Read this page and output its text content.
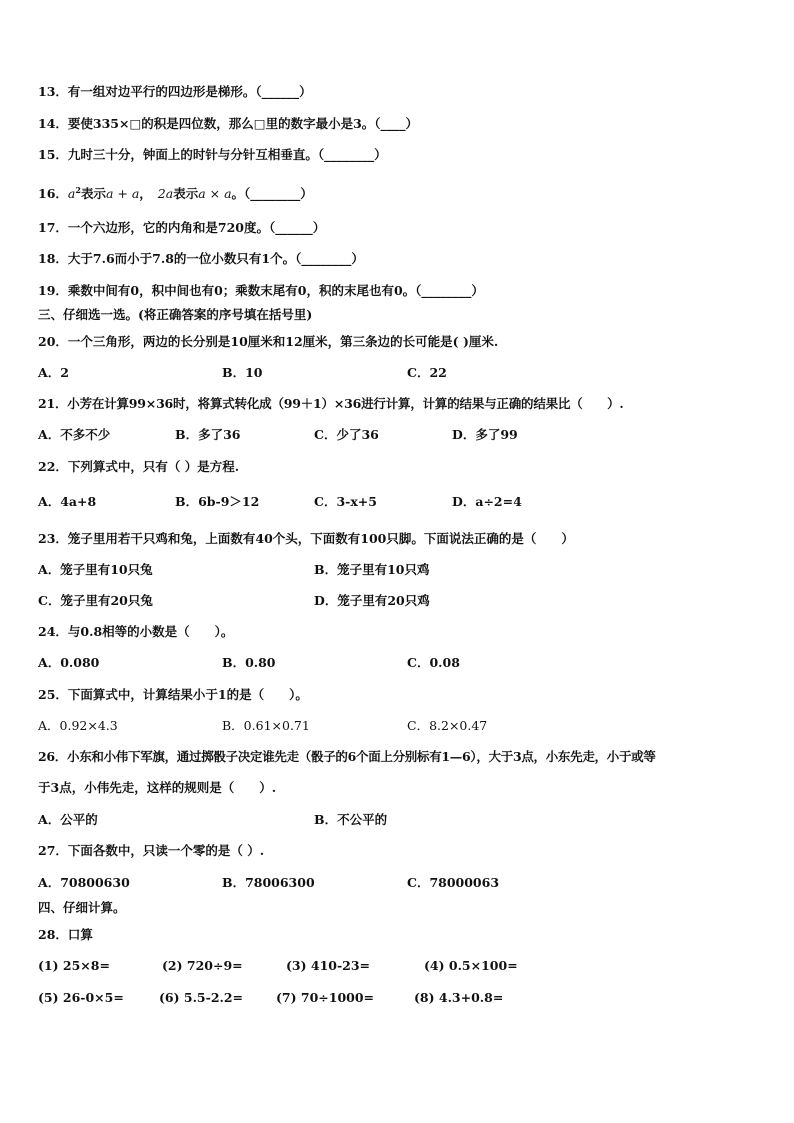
13．有一组对边平行的四边形是梯形。（______）
14．要使335×□的积是四位数，那么□里的数字最小是3。（____）
15．九时三十分，钟面上的时针与分针互相垂直。（________）
16．$a^2$表示a + a， 2a表示a × a。（________）
17．一个六边形，它的内角和是720度。（______）
18．大于7.6而小于7.8的一位小数只有1个。（________）
19．乘数中间有0，积中间也有0；乘数末尾有0，积的末尾也有0。（________）
三、仔细选一选。(将正确答案的序号填在括号里)
20．一个三角形，两边的长分别是10厘米和12厘米，第三条边的长可能是( )厘米.
A．2	B．10	C．22
21．小芳在计算99×36时，将算式转化成（99＋1）×36进行计算，计算的结果与正确的结果比（　　）.
A．不多不少	B．多了36	C．少了36	D．多了99
22．下列算式中，只有（ ）是方程.
A．4a+8	B．6b-9＞12	C．3-x+5	D．a÷2=4
23．笼子里用若干只鸡和兔，上面数有40个头，下面数有100只脚。下面说法正确的是（　　）
A．笼子里有10只兔	B．笼子里有10只鸡
C．笼子里有20只兔	D．笼子里有20只鸡
24．与0.8相等的小数是（　　）。
A．0.080	B．0.80	C．0.08
25．下面算式中，计算结果小于1的是（　　）。
A．0.92×4.3	B．0.61×0.71	C．8.2×0.47
26．小东和小伟下军旗，通过掷骰子决定谁先走（骰子的6个面上分别标有1—6），大于3点，小东先走，小于或等
于3点，小伟先走，这样的规则是（　　）.
A．公平的	B．不公平的
27．下面各数中，只读一个零的是（ ）.
A．70800630	B．78006300	C．78000063
四、仔细计算。
28．口算
(1) 25×8=	(2) 720÷9=	(3) 410-23=	(4) 0.5×100=
(5) 26-0×5=	(6) 5.5-2.2=	(7) 70÷1000=	(8) 4.3+0.8=
